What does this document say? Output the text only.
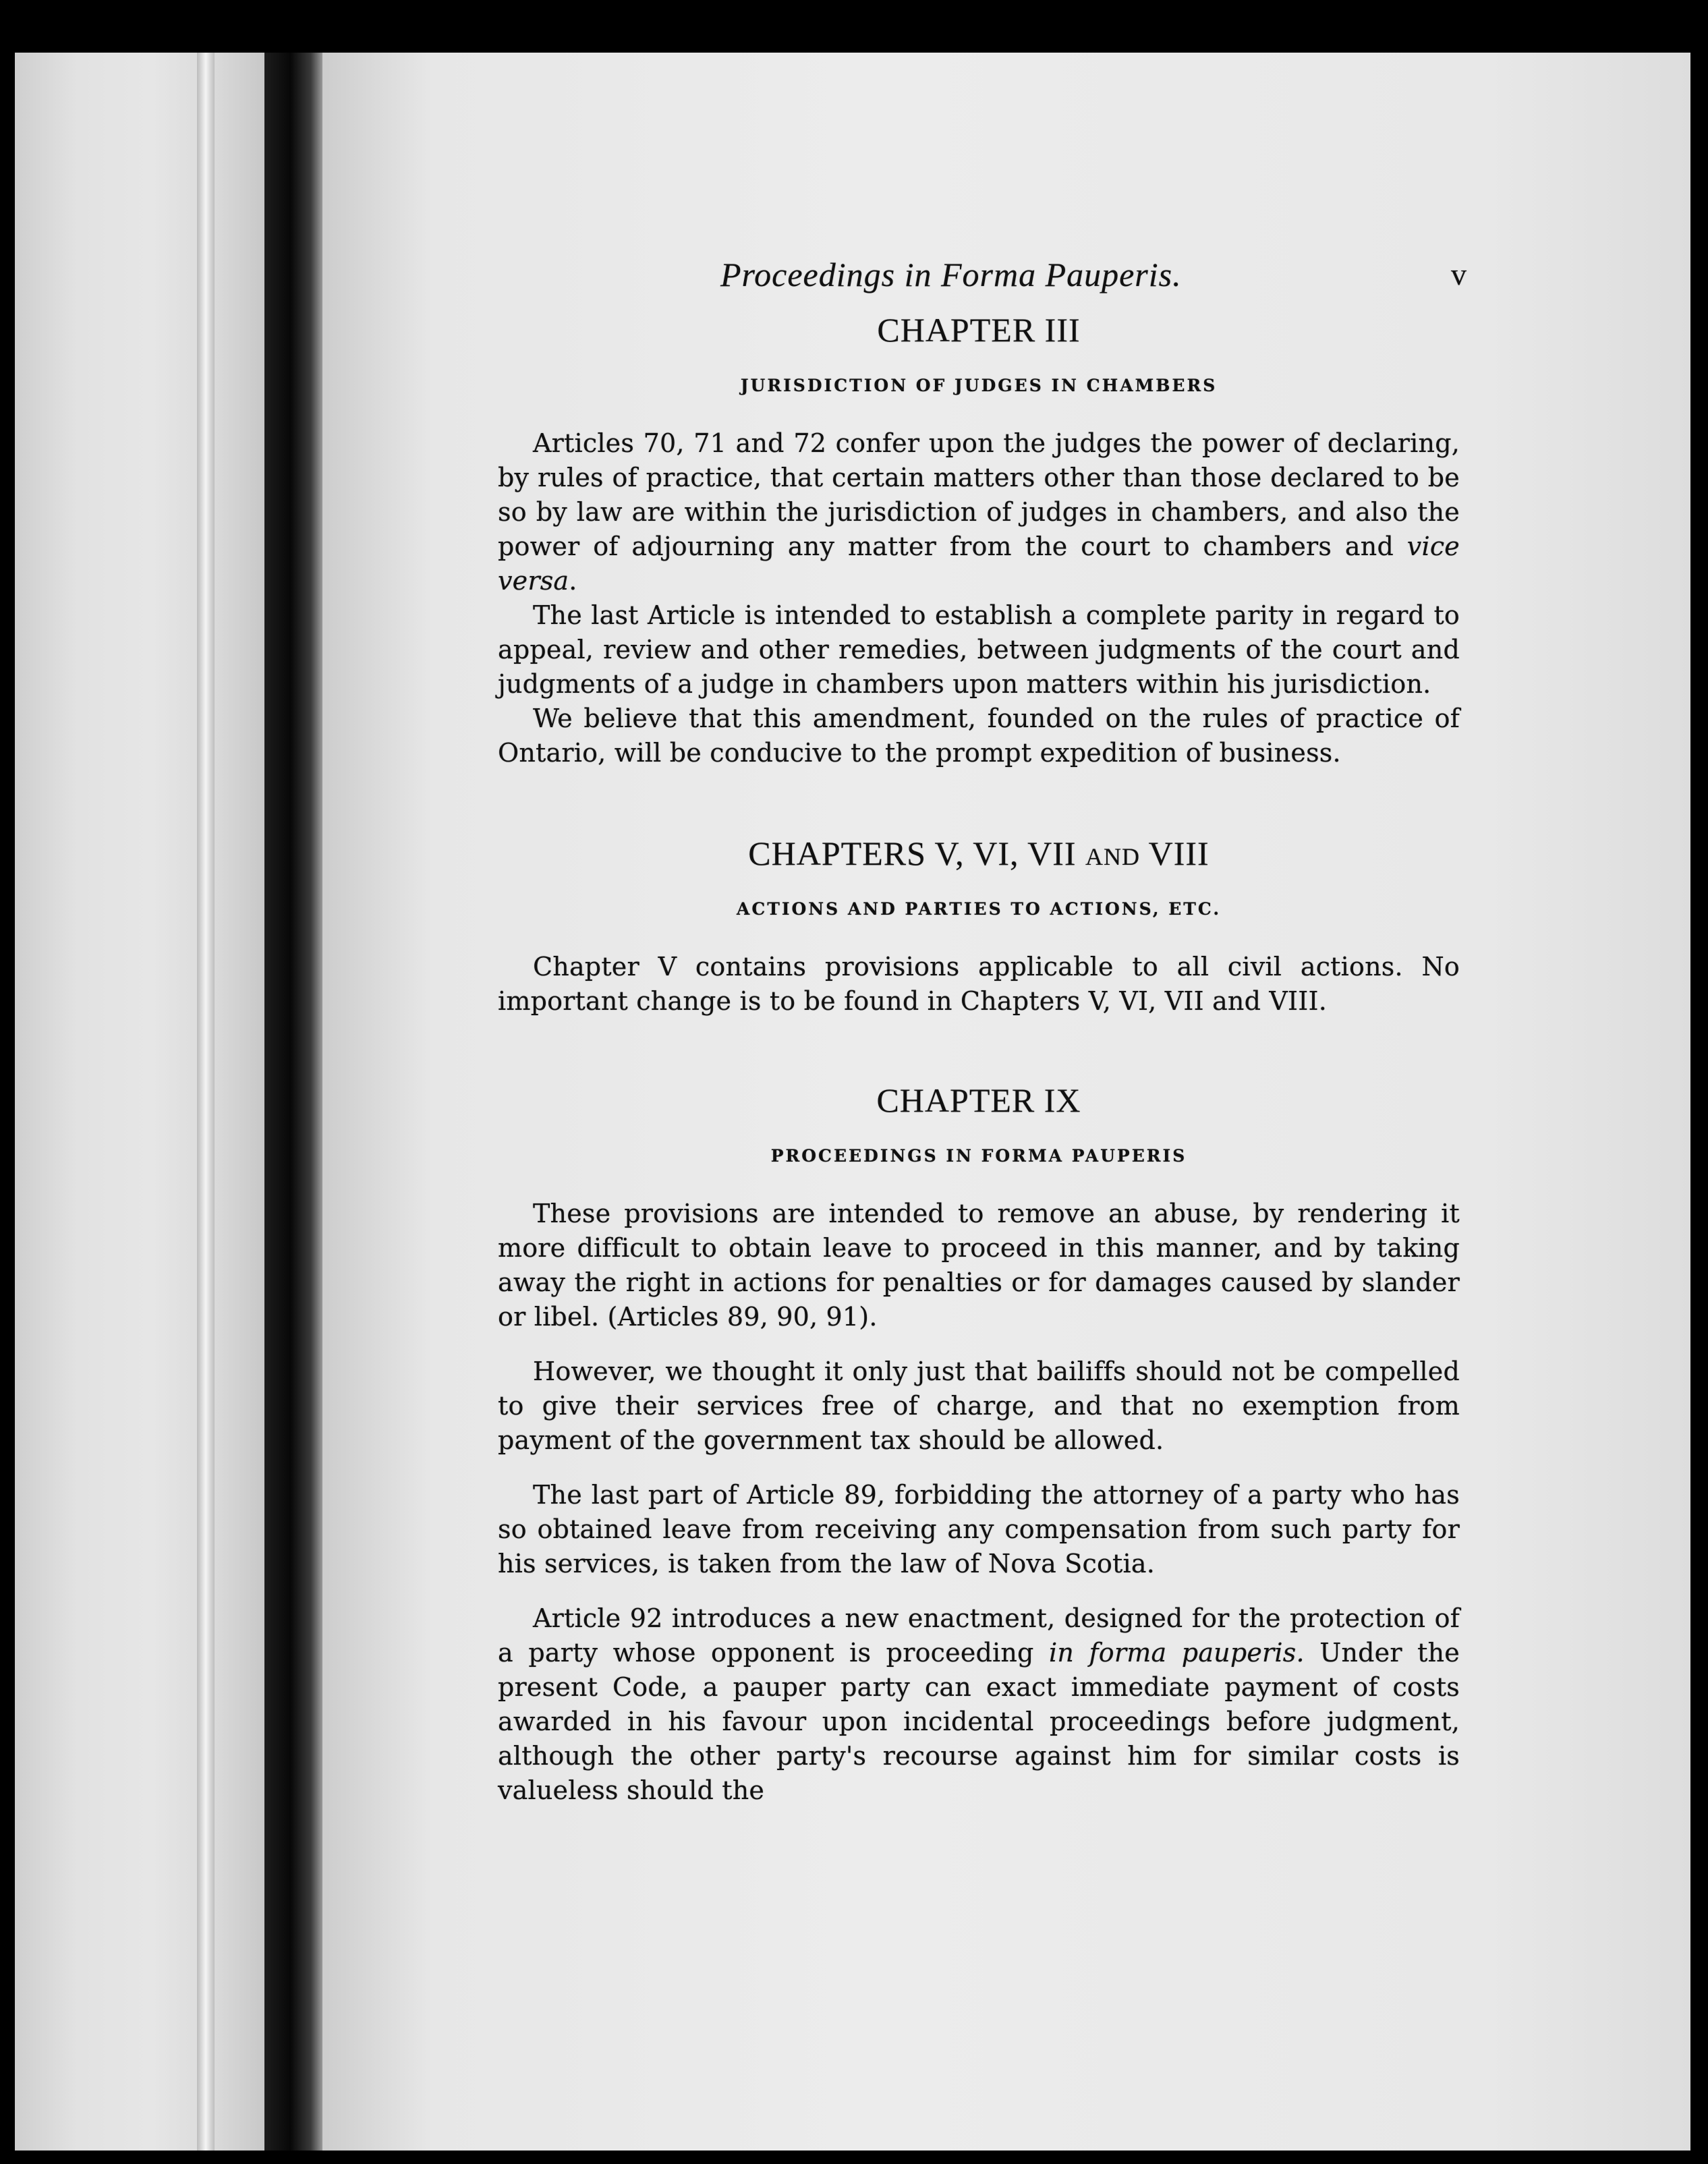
Proceedings in Forma Pauperis.	v
CHAPTER III
JURISDICTION OF JUDGES IN CHAMBERS

Articles 70, 71 and 72 confer upon the judges the power of declaring, by rules of practice, that certain matters other than those declared to be so by law are within the jurisdiction of judges in chambers, and also the power of adjourning any matter from the court to chambers and vice versa.

The last Article is intended to establish a complete parity in regard to appeal, review and other remedies, between judgments of the court and judgments of a judge in chambers upon matters within his jurisdiction.

We believe that this amendment, founded on the rules of practice of Ontario, will be conducive to the prompt expedition of business.

CHAPTERS V, VI, VII AND VIII
ACTIONS AND PARTIES TO ACTIONS, ETC.

Chapter V contains provisions applicable to all civil actions. No important change is to be found in Chapters V, VI, VII and VIII.

CHAPTER IX
PROCEEDINGS IN FORMA PAUPERIS

These provisions are intended to remove an abuse, by rendering it more difficult to obtain leave to proceed in this manner, and by taking away the right in actions for penalties or for damages caused by slander or libel. (Articles 89, 90, 91).

However, we thought it only just that bailiffs should not be compelled to give their services free of charge, and that no exemption from payment of the government tax should be allowed.

The last part of Article 89, forbidding the attorney of a party who has so obtained leave from receiving any compensation from such party for his services, is taken from the law of Nova Scotia.

Article 92 introduces a new enactment, designed for the protection of a party whose opponent is proceeding in forma pauperis. Under the present Code, a pauper party can exact immediate payment of costs awarded in his favour upon incidental proceedings before judgment, although the other party's recourse against him for similar costs is valueless should the
